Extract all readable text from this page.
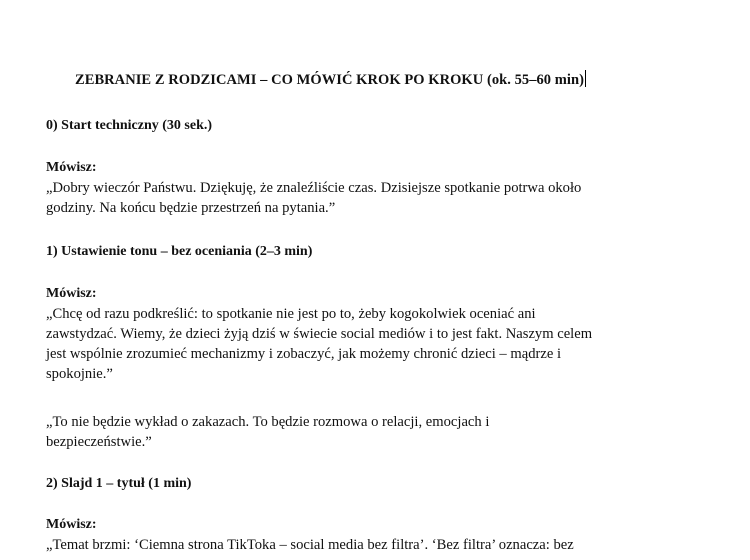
ZEBRANIE Z RODZICAMI – CO MÓWIĆ KROK PO KROKU (ok. 55–60 min)
0) Start techniczny (30 sek.)
Mówisz:
„Dobry wieczór Państwu. Dziękuję, że znaleźliście czas. Dzisiejsze spotkanie potrwa około
godziny. Na końcu będzie przestrzeń na pytania.”
1) Ustawienie tonu – bez oceniania (2–3 min)
Mówisz:
„Chcę od razu podkreślić: to spotkanie nie jest po to, żeby kogokolwiek oceniać ani
zawstydzać. Wiemy, że dzieci żyją dziś w świecie social mediów i to jest fakt. Naszym celem
jest wspólnie zrozumieć mechanizmy i zobaczyć, jak możemy chronić dzieci – mądrze i
spokojnie.”
„To nie będzie wykład o zakazach. To będzie rozmowa o relacji, emocjach i
bezpieczeństwie.”
2) Slajd 1 – tytuł (1 min)
Mówisz:
„Temat brzmi: ‘Ciemna strona TikToka – social media bez filtra’. ‘Bez filtra’ oznacza: bez
